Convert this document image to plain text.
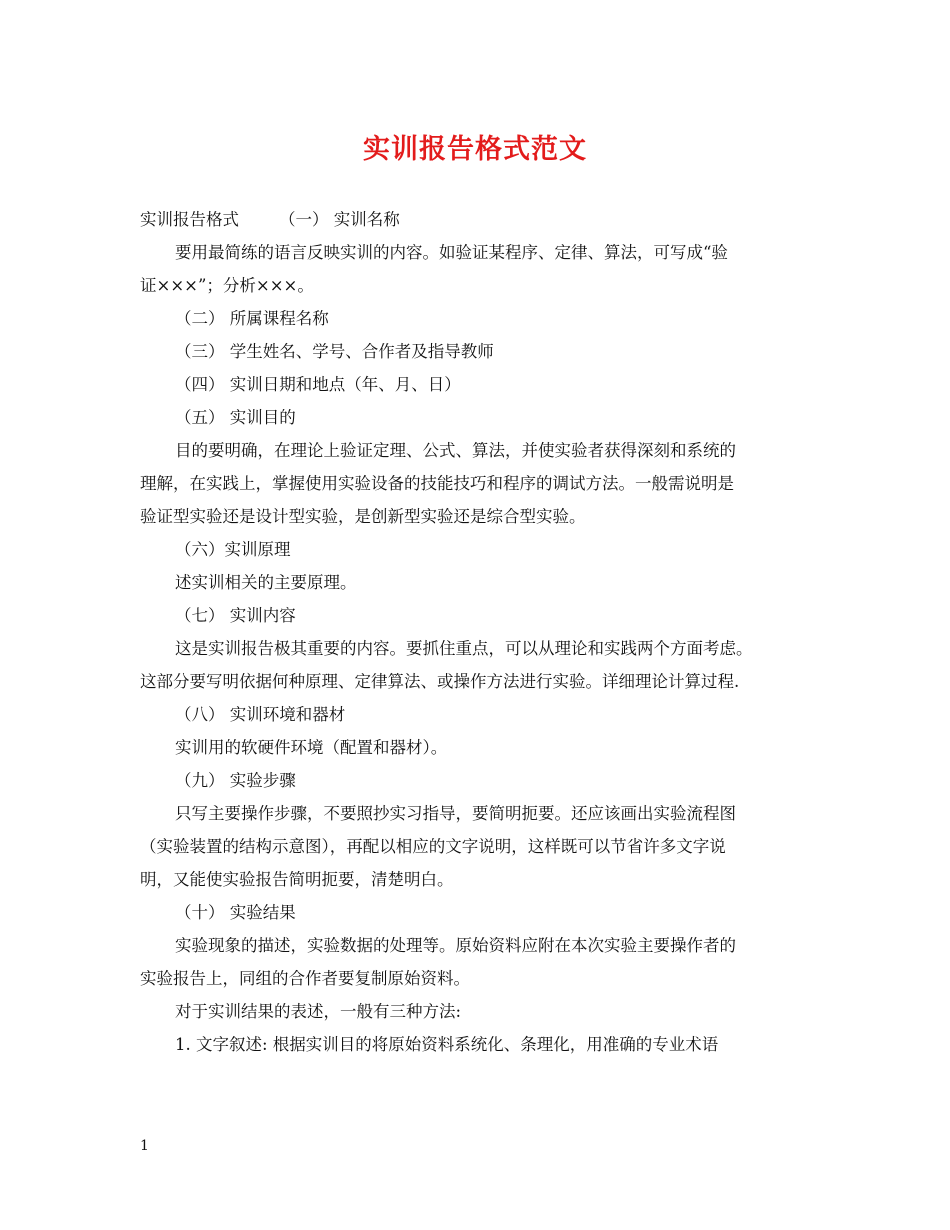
实训报告格式范文

实训报告格式 （一） 实训名称

要用最简练的语言反映实训的内容。如验证某程序、定律、算法，可写成“验

证×××”；分析×××。

（二） 所属课程名称

（三） 学生姓名、学号、合作者及指导教师

（四） 实训日期和地点（年、月、日）

（五） 实训目的

目的要明确，在理论上验证定理、公式、算法，并使实验者获得深刻和系统的

理解，在实践上，掌握使用实验设备的技能技巧和程序的调试方法。一般需说明是

验证型实验还是设计型实验，是创新型实验还是综合型实验。

（六）实训原理

述实训相关的主要原理。

（七） 实训内容

这是实训报告极其重要的内容。要抓住重点，可以从理论和实践两个方面考虑。

这部分要写明依据何种原理、定律算法、或操作方法进行实验。详细理论计算过程.

（八） 实训环境和器材

实训用的软硬件环境（配置和器材）。

（九） 实验步骤

只写主要操作步骤，不要照抄实习指导，要简明扼要。还应该画出实验流程图

（实验装置的结构示意图），再配以相应的文字说明，这样既可以节省许多文字说

明，又能使实验报告简明扼要，清楚明白。

（十） 实验结果

实验现象的描述，实验数据的处理等。原始资料应附在本次实验主要操作者的

实验报告上，同组的合作者要复制原始资料。

对于实训结果的表述，一般有三种方法:

1. 文字叙述: 根据实训目的将原始资料系统化、条理化，用准确的专业术语

1
